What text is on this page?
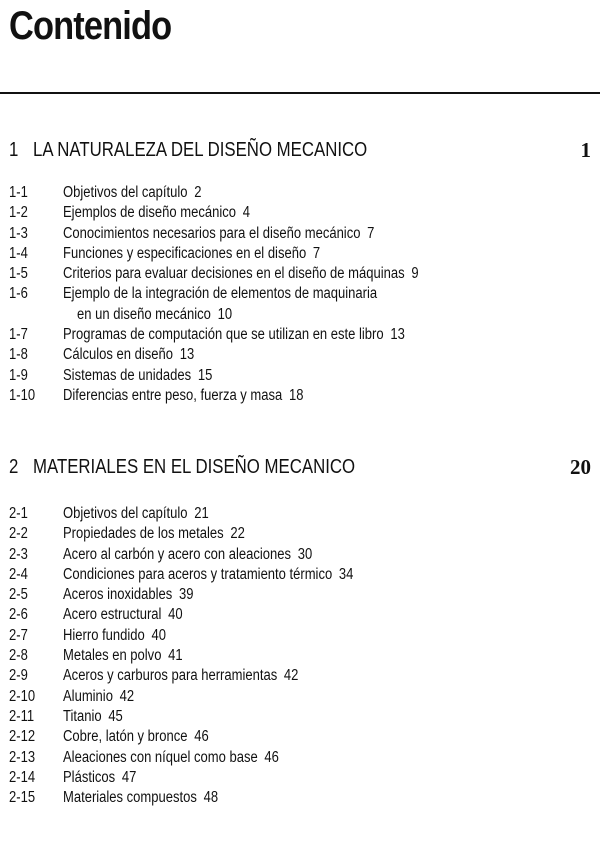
Contenido
1 LA NATURALEZA DEL DISEÑO MECANICO	1
1-1 Objetivos del capítulo 2
1-2 Ejemplos de diseño mecánico 4
1-3 Conocimientos necesarios para el diseño mecánico 7
1-4 Funciones y especificaciones en el diseño 7
1-5 Criterios para evaluar decisiones en el diseño de máquinas 9
1-6 Ejemplo de la integración de elementos de maquinaria
en un diseño mecánico 10
1-7 Programas de computación que se utilizan en este libro 13
1-8 Cálculos en diseño 13
1-9 Sistemas de unidades 15
1-10 Diferencias entre peso, fuerza y masa 18
2 MATERIALES EN EL DISEÑO MECANICO	20
2-1 Objetivos del capítulo 21
2-2 Propiedades de los metales 22
2-3 Acero al carbón y acero con aleaciones 30
2-4 Condiciones para aceros y tratamiento térmico 34
2-5 Aceros inoxidables 39
2-6 Acero estructural 40
2-7 Hierro fundido 40
2-8 Metales en polvo 41
2-9 Aceros y carburos para herramientas 42
2-10 Aluminio 42
2-11 Titanio 45
2-12 Cobre, latón y bronce 46
2-13 Aleaciones con níquel como base 46
2-14 Plásticos 47
2-15 Materiales compuestos 48
